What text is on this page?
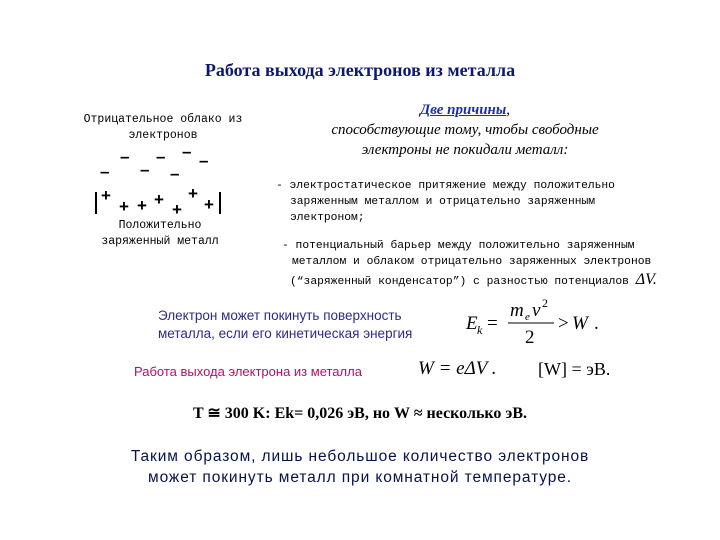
Работа выхода электронов из металла
Отрицательное облако из электронов
– – – –
– – –
+
+ + +
+
+
+
Положительно заряженный металл
Две причины,
способствующие тому, чтобы свободные
электроны не покидали металл:
- электростатическое притяжение между положительно
заряженным металлом и отрицательно заряженным
электроном;
- потенциальный барьер между положительно заряженным
металлом и облаком отрицательно заряженных электронов
(“заряженный конденсатор”) с разностью потенциалов ΔV.
Электрон может покинуть поверхность
металла, если его кинетическая энергия	E k =
m e v 2
2
> W .
Работа выхода электрона из металла	W = eΔV . [W] = эВ.
T ≅ 300 K: Ek= 0,026 эВ, но W ≈ несколько эВ.
Таким образом, лишь небольшое количество электронов
может покинуть металл при комнатной температуре.
